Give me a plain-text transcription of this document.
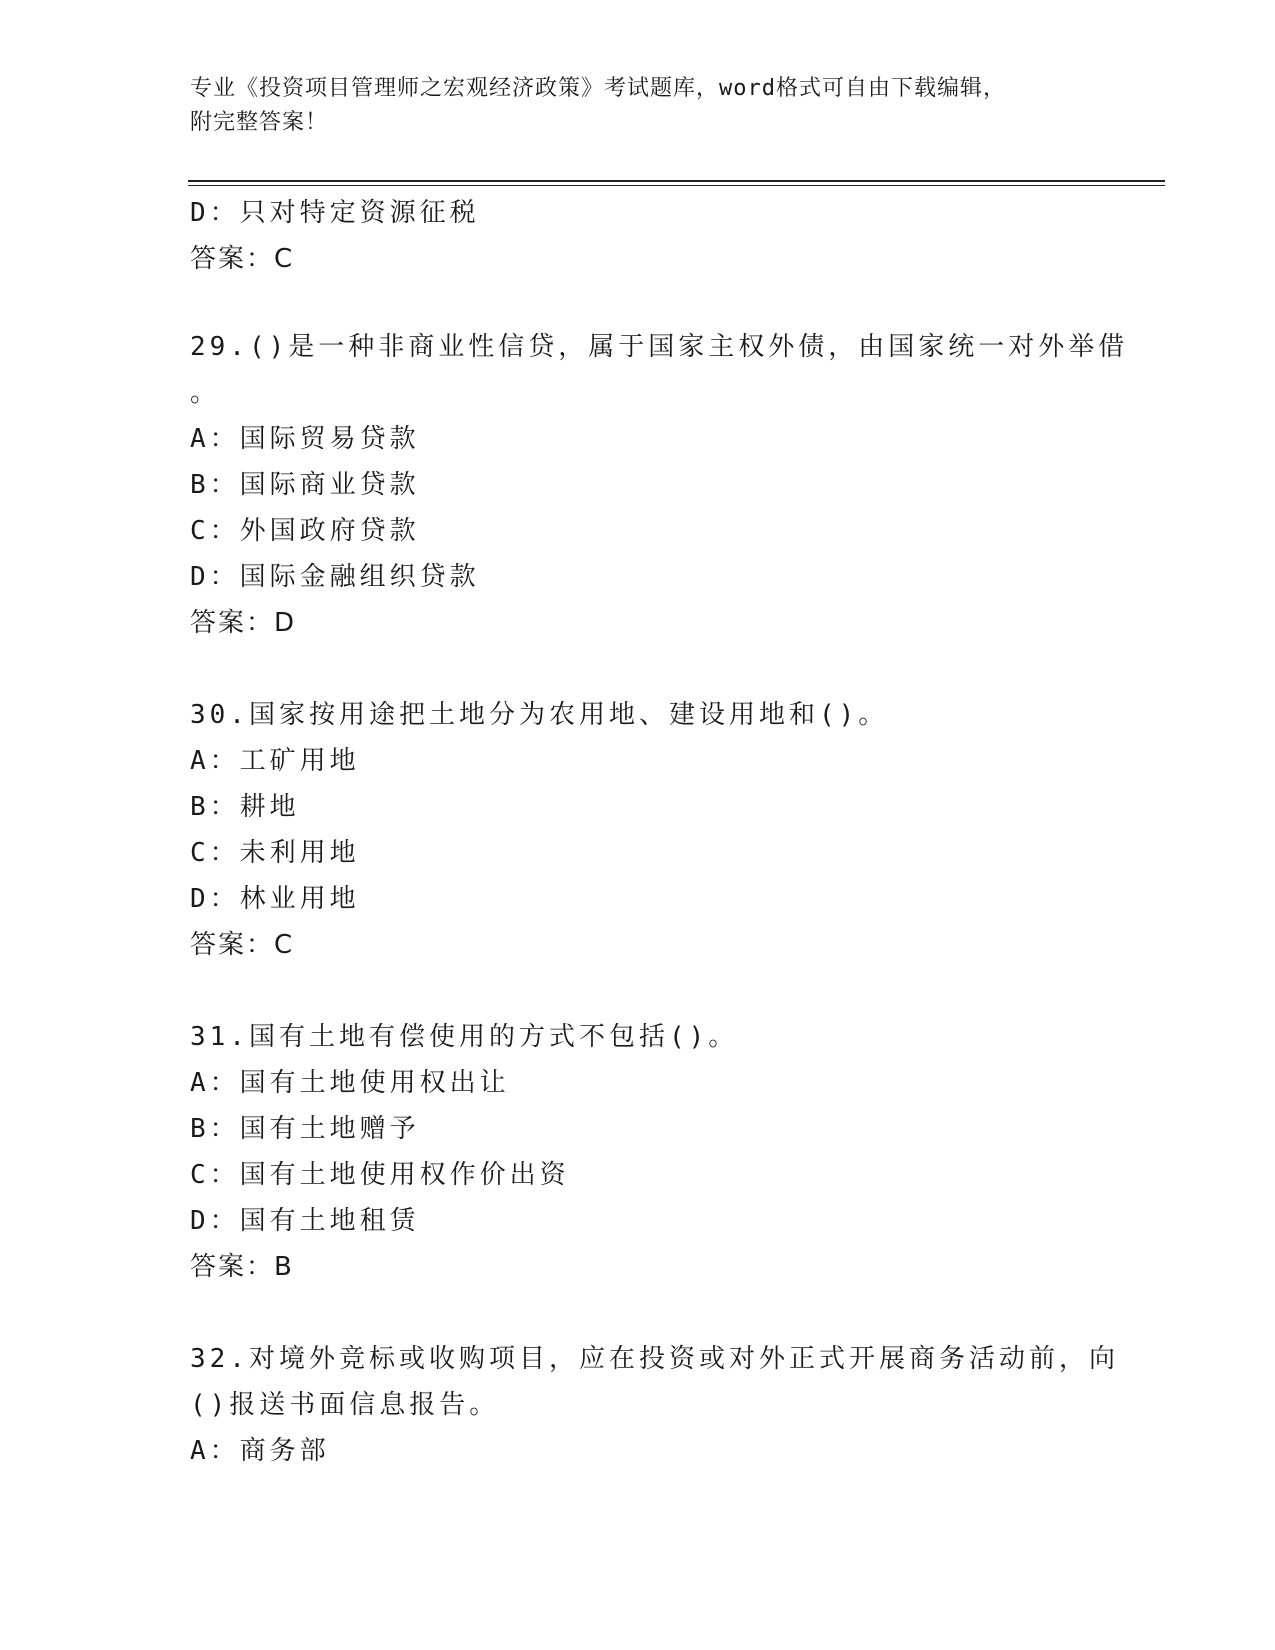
专业《投资项目管理师之宏观经济政策》考试题库，word格式可自由下载编辑，
附完整答案！
D：只对特定资源征税
答案：C
29.()是一种非商业性信贷，属于国家主权外债，由国家统一对外举借
。
A：国际贸易贷款
B：国际商业贷款
C：外国政府贷款
D：国际金融组织贷款
答案：D
30.国家按用途把土地分为农用地、建设用地和()。
A：工矿用地
B：耕地
C：未利用地
D：林业用地
答案：C
31.国有土地有偿使用的方式不包括()。
A：国有土地使用权出让
B：国有土地赠予
C：国有土地使用权作价出资
D：国有土地租赁
答案：B
32.对境外竞标或收购项目，应在投资或对外正式开展商务活动前，向
()报送书面信息报告。
A：商务部
